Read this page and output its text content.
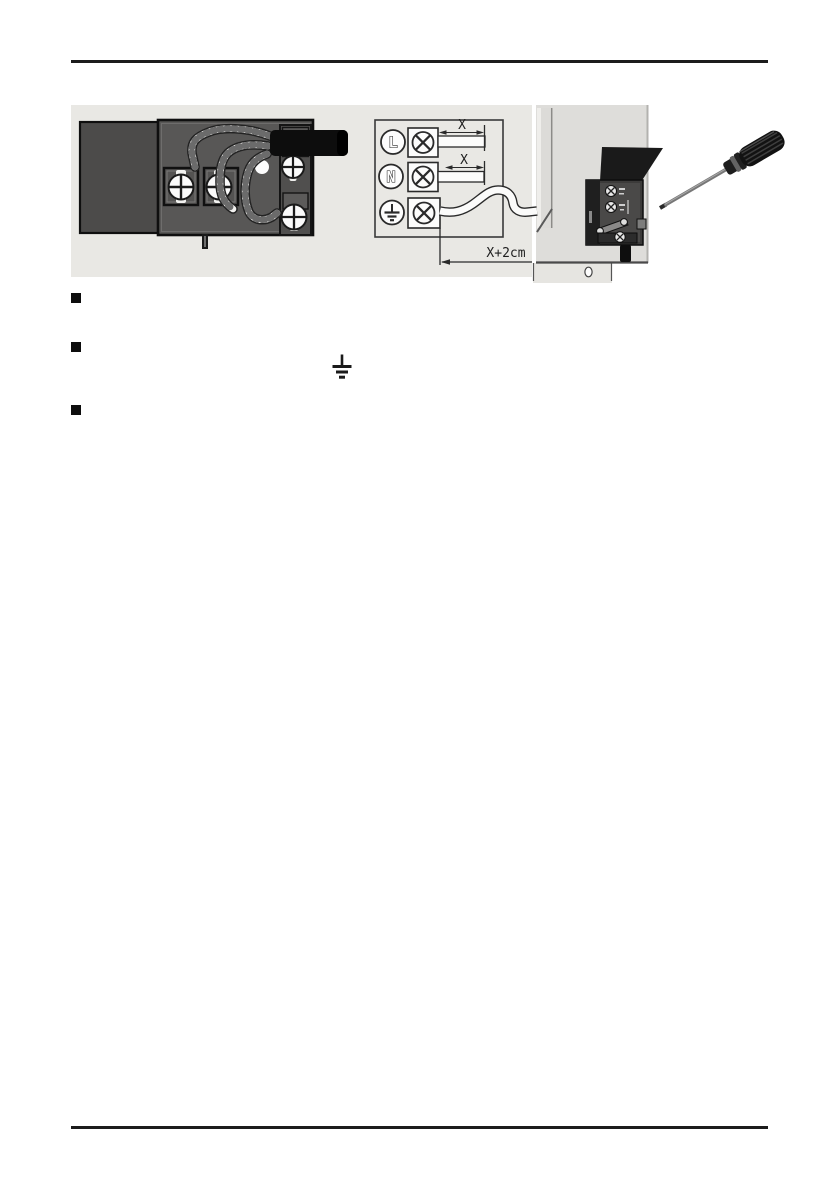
L
X
N
X
X+2cm
